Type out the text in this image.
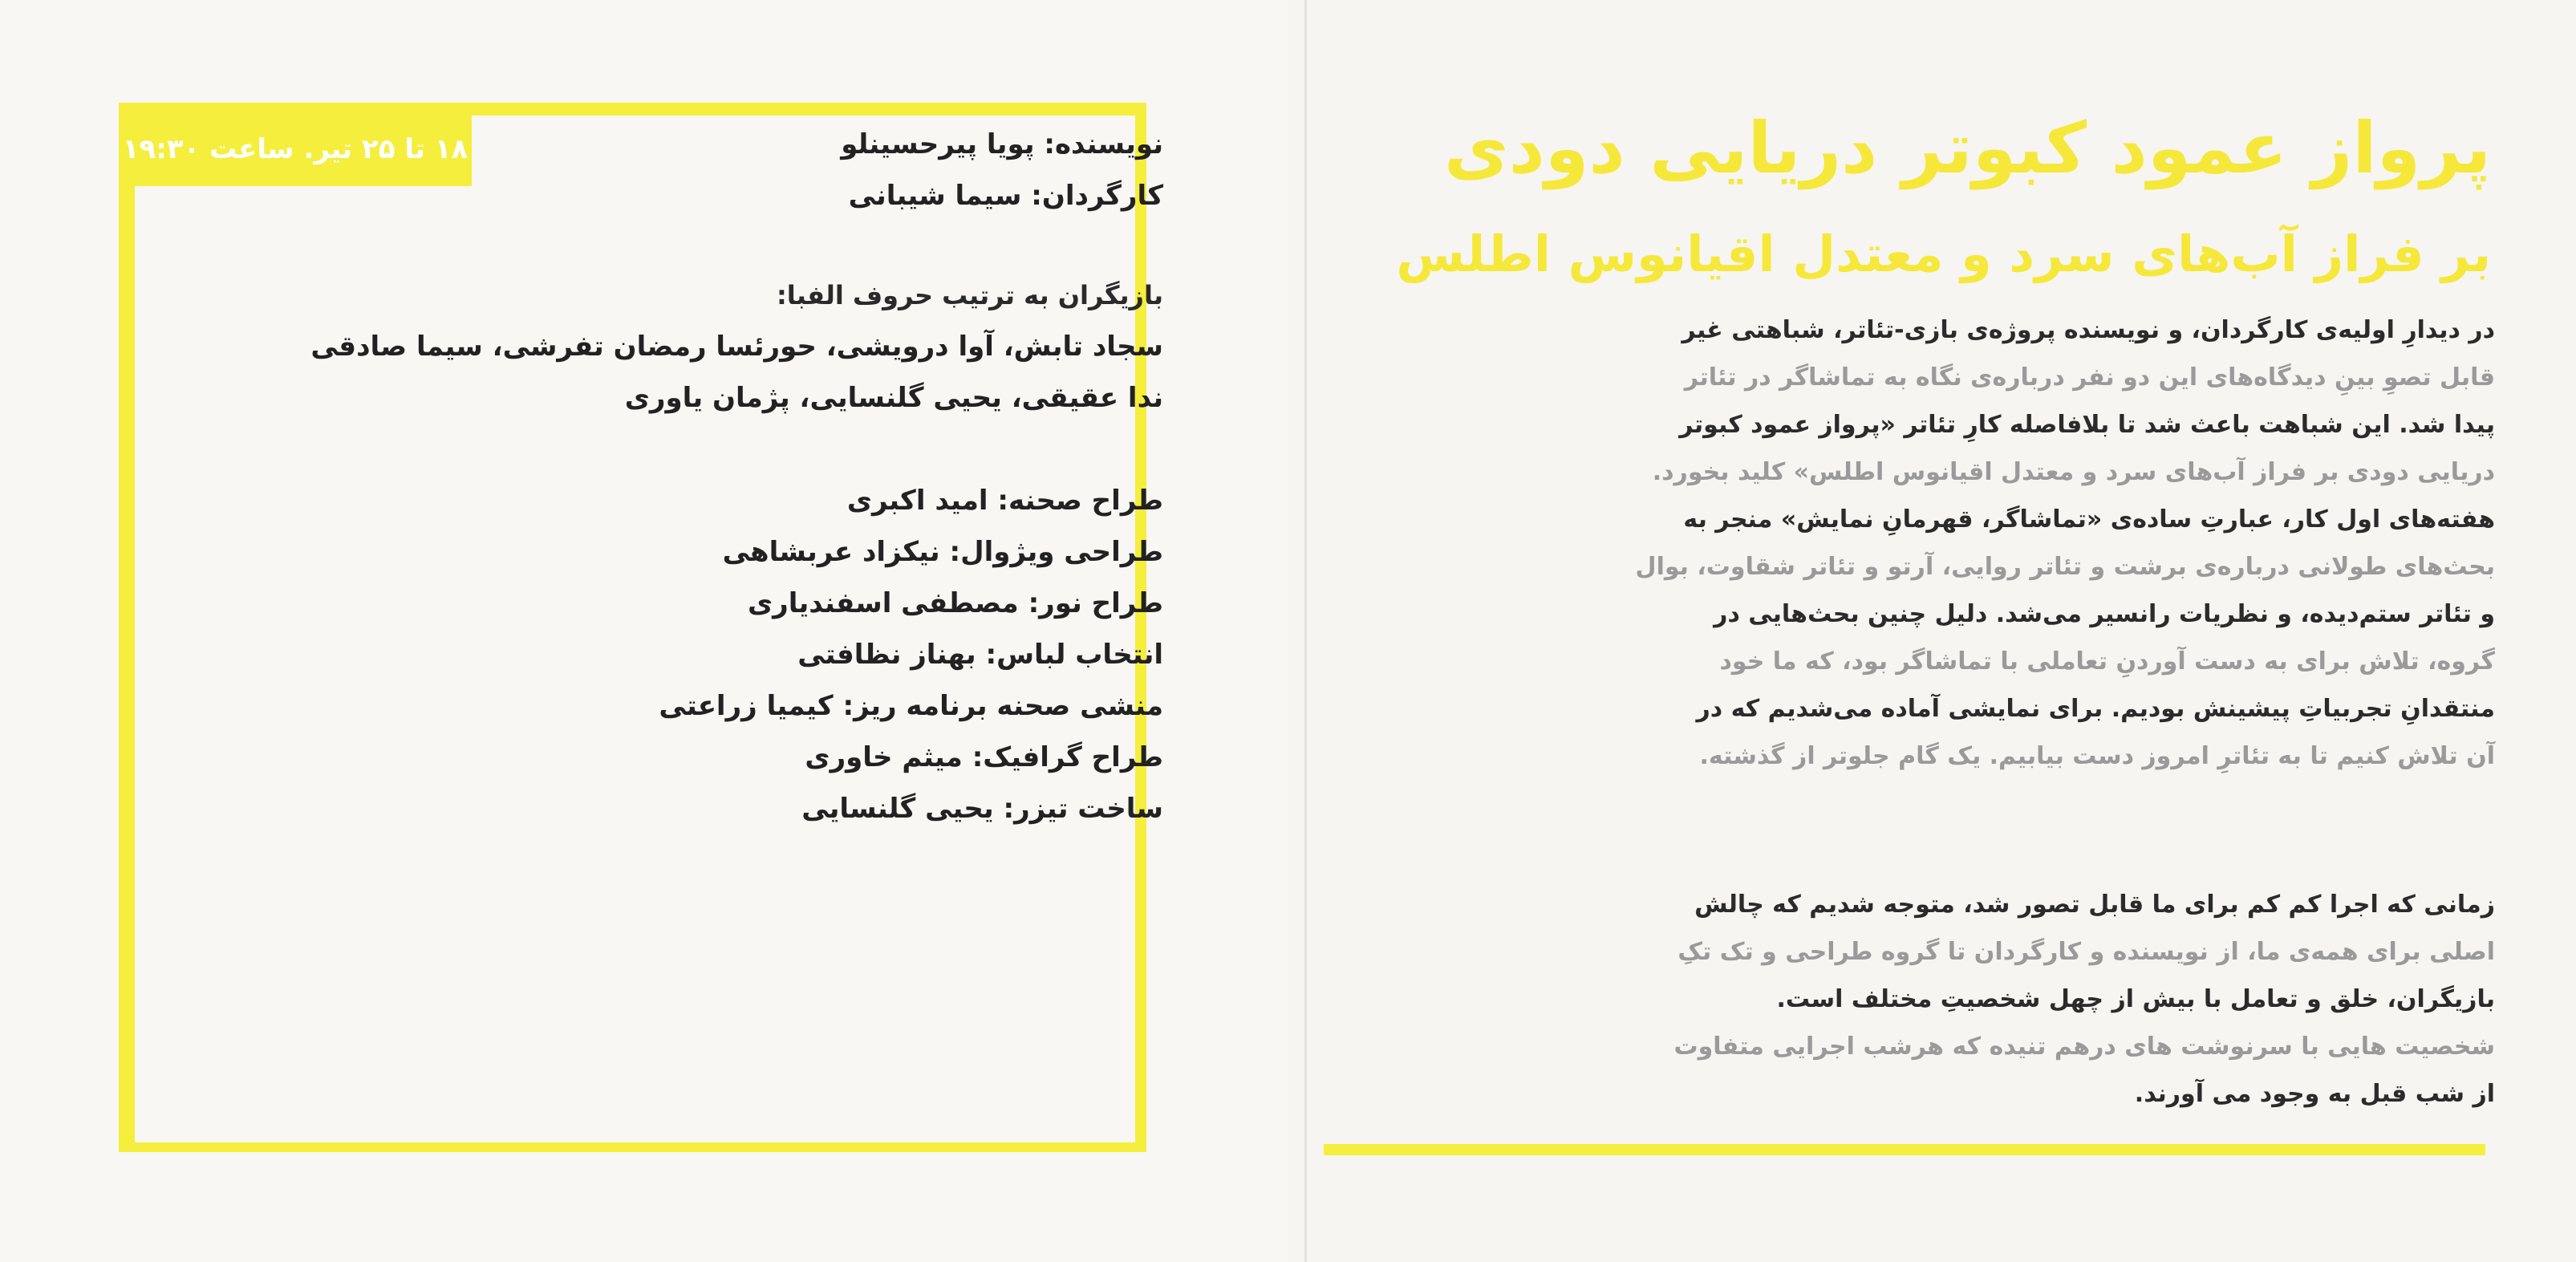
۱۸ تا ۲۵ تیر. ساعت ۱۹:۳۰	نویسنده: پویا پیرحسینلو
کارگردان: سیما شیبانی
بازیگران به ترتیب حروف الفبا:
سجاد تابش، آوا درویشی، حورئسا رمضان تفرشی، سیما صادقی
ندا عقیقی، یحیی گلنسایی، پژمان یاوری
طراح صحنه: امید اکبری
طراحی ویژوال: نیکزاد عربشاهی
طراح نور: مصطفی اسفندیاری
انتخاب لباس: بهناز نظافتی
منشی صحنه برنامه ریز: کیمیا زراعتی
طراح گرافیک: میثم خاوری
ساخت تیزر: یحیی گلنسایی
پرواز عمود کبوتر دریایی دودی
بر فراز آب‌های سرد و معتدل اقیانوس اطلس
در دیدارِ اولیه‌ی کارگردان، و نویسنده پروژه‌ی بازی-تئاتر، شباهتی غیر
قابل تصوِ بینِ دیدگاه‌های این دو نفر درباره‌ی نگاه به تماشاگر در تئاتر
پیدا شد. این شباهت باعث شد تا بلافاصله کارِ تئاتر «پرواز عمود کبوتر
دریایی دودی بر فراز آب‌های سرد و معتدل اقیانوس اطلس» کلید بخورد.
هفته‌های اول کار، عبارتِ ساده‌ی «تماشاگر، قهرمانِ نمایش» منجر به
بحث‌های طولانی درباره‌ی برشت و تئاتر روایی، آرتو و تئاتر شقاوت، بوال
و تئاتر ستم‌دیده، و نظریات رانسیر می‌شد. دلیل چنین بحث‌هایی در
گروه، تلاش برای به دست آوردنِ تعاملی با تماشاگر بود، که ما خود
منتقدانِ تجربیاتِ پیشینش بودیم. برای نمایشی آماده می‌شدیم که در
آن تلاش کنیم تا به تئاترِ امروز دست بیابیم. یک گام جلوتر از گذشته.
زمانی که اجرا کم کم برای ما قابل تصور شد، متوجه شدیم که چالش
اصلی برای همه‌ی ما، از نویسنده و کارگردان تا گروه طراحی و تک تکِ
بازیگران، خلق و تعامل با بیش از چهل شخصیتِ مختلف است.
شخصیت هایی با سرنوشت های درهم تنیده که هرشب اجرایی متفاوت
از شب قبل به وجود می آورند.
